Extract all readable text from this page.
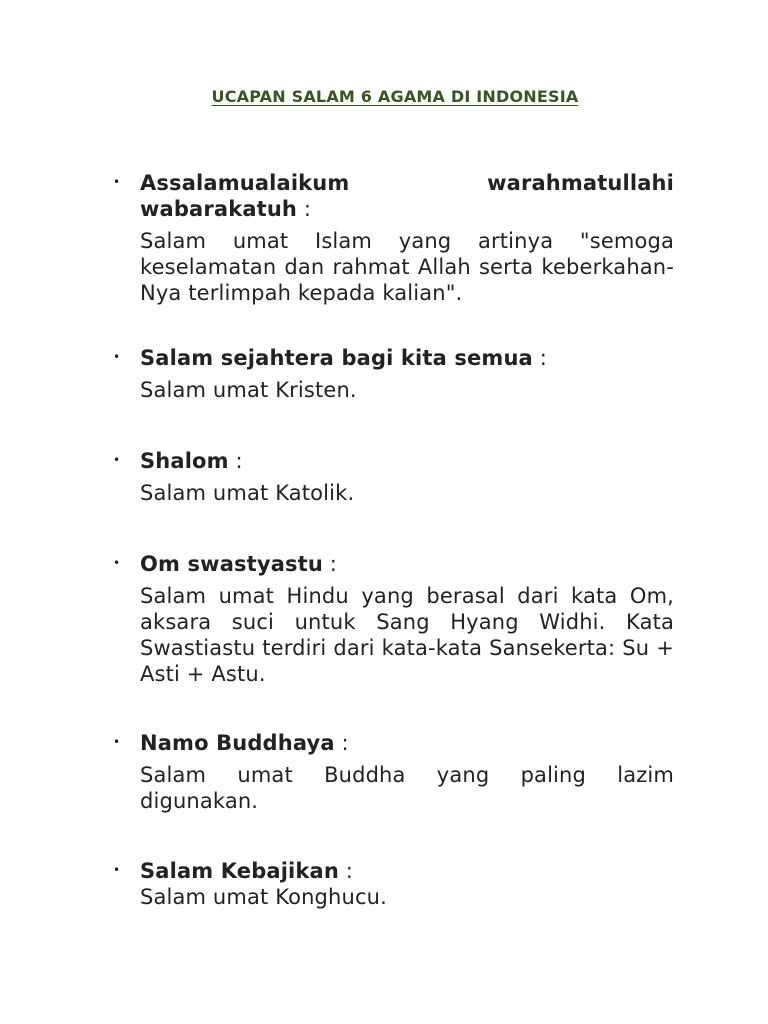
UCAPAN SALAM 6 AGAMA DI INDONESIA
• Assalamualaikum warahmatullahi wabarakatuh :
Salam umat Islam yang artinya "semoga keselamatan dan rahmat Allah serta keberkahan-Nya terlimpah kepada kalian".
• Salam sejahtera bagi kita semua :
Salam umat Kristen.
• Shalom :
Salam umat Katolik.
• Om swastyastu :
Salam umat Hindu yang berasal dari kata Om, aksara suci untuk Sang Hyang Widhi. Kata Swastiastu terdiri dari kata-kata Sansekerta: Su + Asti + Astu.
• Namo Buddhaya :
Salam umat Buddha yang paling lazim digunakan.
• Salam Kebajikan :
Salam umat Konghucu.
